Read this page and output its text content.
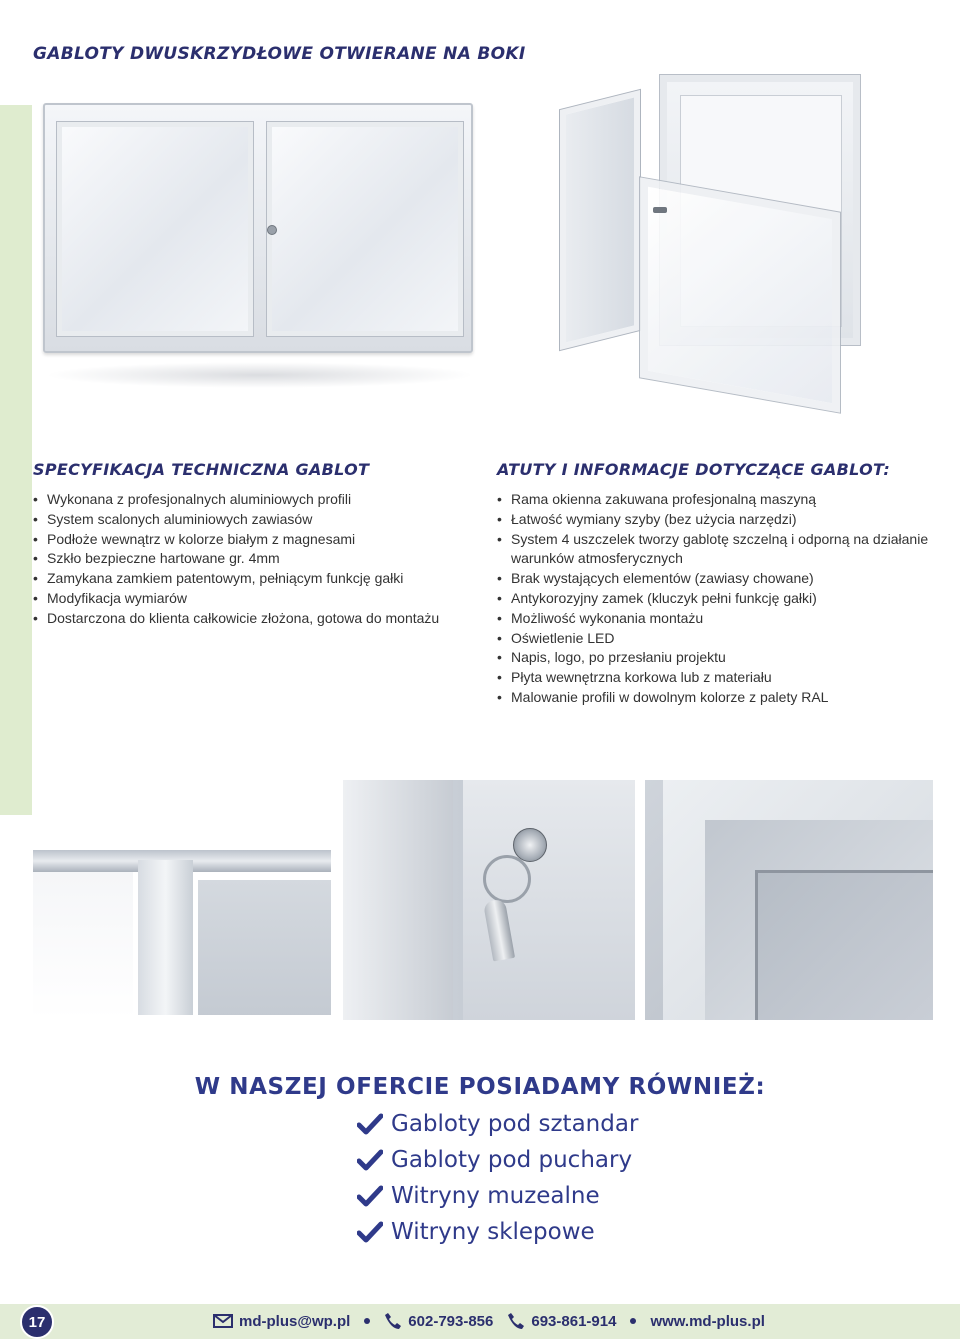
GABLOTY DWUSKRZYDŁOWE OTWIERANE NA BOKI
SPECYFIKACJA TECHNICZNA GABLOT
• Wykonana z profesjonalnych aluminiowych profili
• System scalonych aluminiowych zawiasów
• Podłoże wewnątrz w kolorze białym z magnesami
• Szkło bezpieczne hartowane gr. 4mm
• Zamykana zamkiem patentowym, pełniącym funkcję gałki
• Modyfikacja wymiarów
• Dostarczona do klienta całkowicie złożona, gotowa do montażu
ATUTY I INFORMACJE DOTYCZĄCE GABLOT:
• Rama okienna zakuwana profesjonalną maszyną
• Łatwość wymiany szyby (bez użycia narzędzi)
• System 4 uszczelek tworzy gablotę szczelną i odporną na działanie warunków atmosferycznych
• Brak wystających elementów (zawiasy chowane)
• Antykorozyjny zamek (kluczyk pełni funkcję gałki)
• Możliwość wykonania montażu
• Oświetlenie LED
• Napis, logo, po przesłaniu projektu
• Płyta wewnętrzna korkowa lub z materiału
• Malowanie profili w dowolnym kolorze z palety RAL
W NASZEJ OFERCIE POSIADAMY RÓWNIEŻ:
Gabloty pod sztandar
Gabloty pod puchary
Witryny muzealne
Witryny sklepowe
17	md-plus@wp.pl	602-793-856	693-861-914 www.md-plus.pl
